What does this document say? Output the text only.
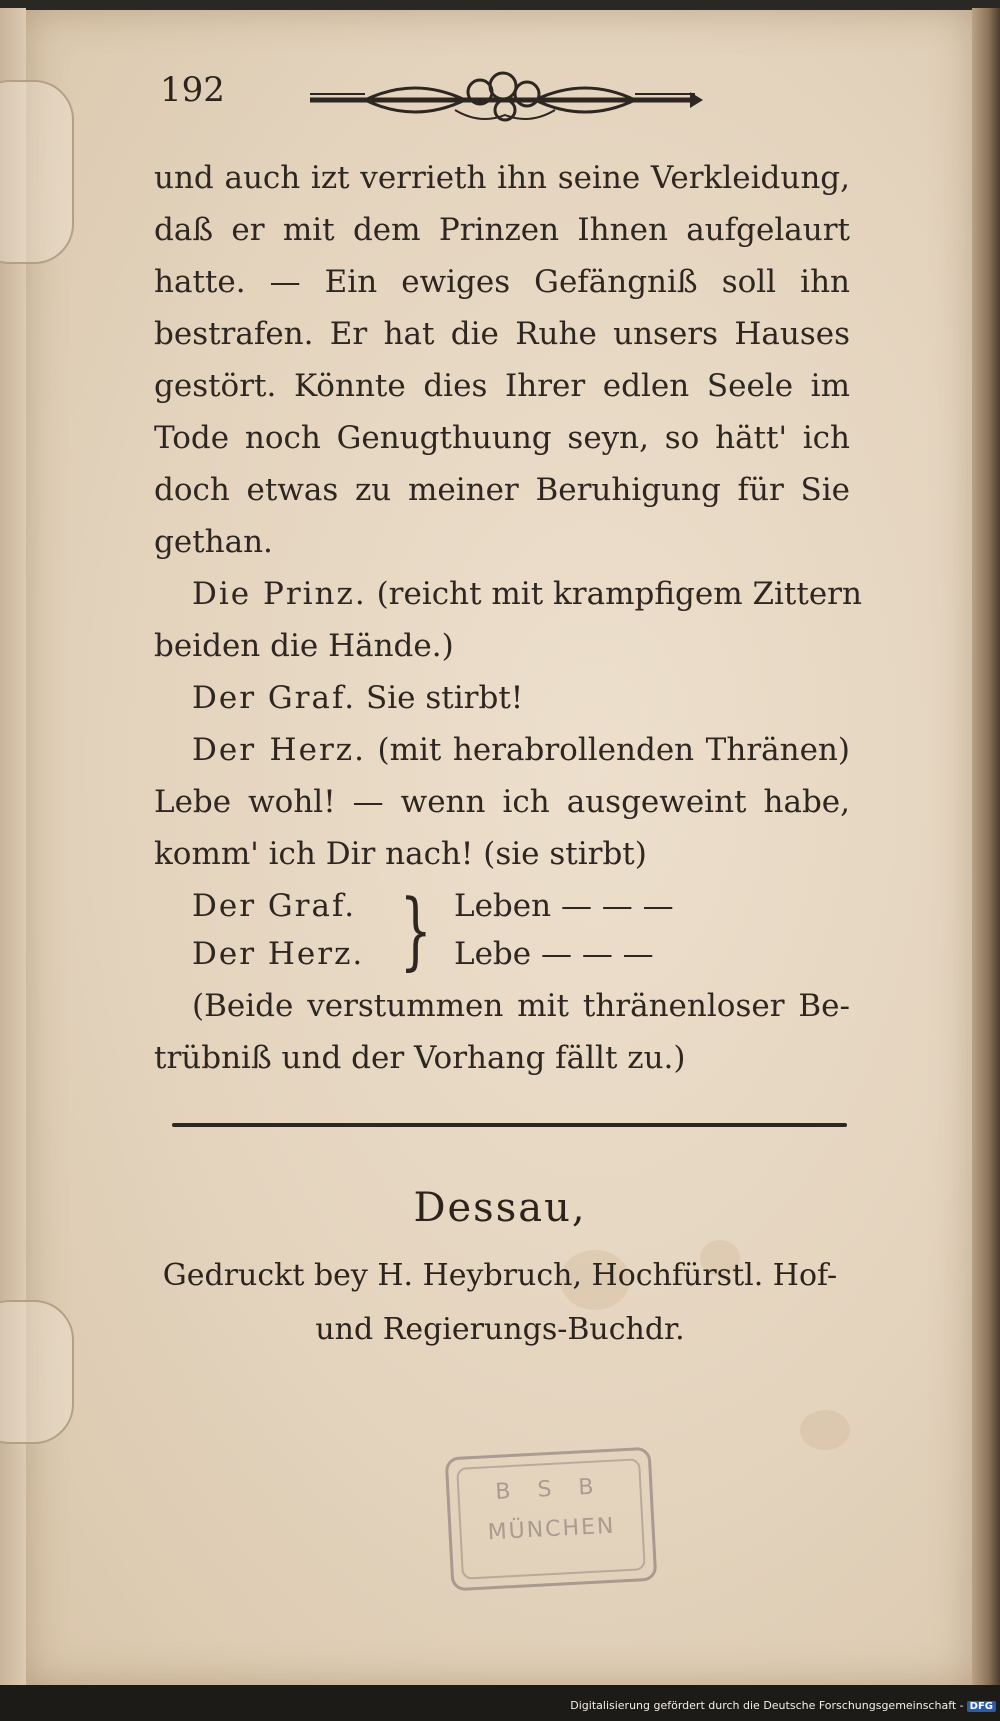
192
und auch izt verrieth ihn seine Verkleidung,
daß er mit dem Prinzen Ihnen aufgelaurt
hatte. — Ein ewiges Gefängniß soll ihn
bestrafen. Er hat die Ruhe unsers Hauses
gestört. Könnte dies Ihrer edlen Seele im
Tode noch Genugthuung seyn, so hätt' ich
doch etwas zu meiner Beruhigung für Sie
gethan.
Die Prinz. (reicht mit krampfigem Zittern
beiden die Hände.)
Der Graf. Sie stirbt!
Der Herz. (mit herabrollenden Thränen)
Lebe wohl! — wenn ich ausgeweint habe,
komm' ich Dir nach! (sie stirbt)
Der Graf.
Der Herz. } Leben — — —
Lebe — — —
(Beide verstummen mit thränenloser Be-
trübniß und der Vorhang fällt zu.)
Dessau,
Gedruckt bey H. Heybruch, Hochfürstl. Hof-
und Regierungs-Buchdr.
B S B
MÜNCHEN
Digitalisierung gefördert durch die Deutsche Forschungsgemeinschaft - DFG
